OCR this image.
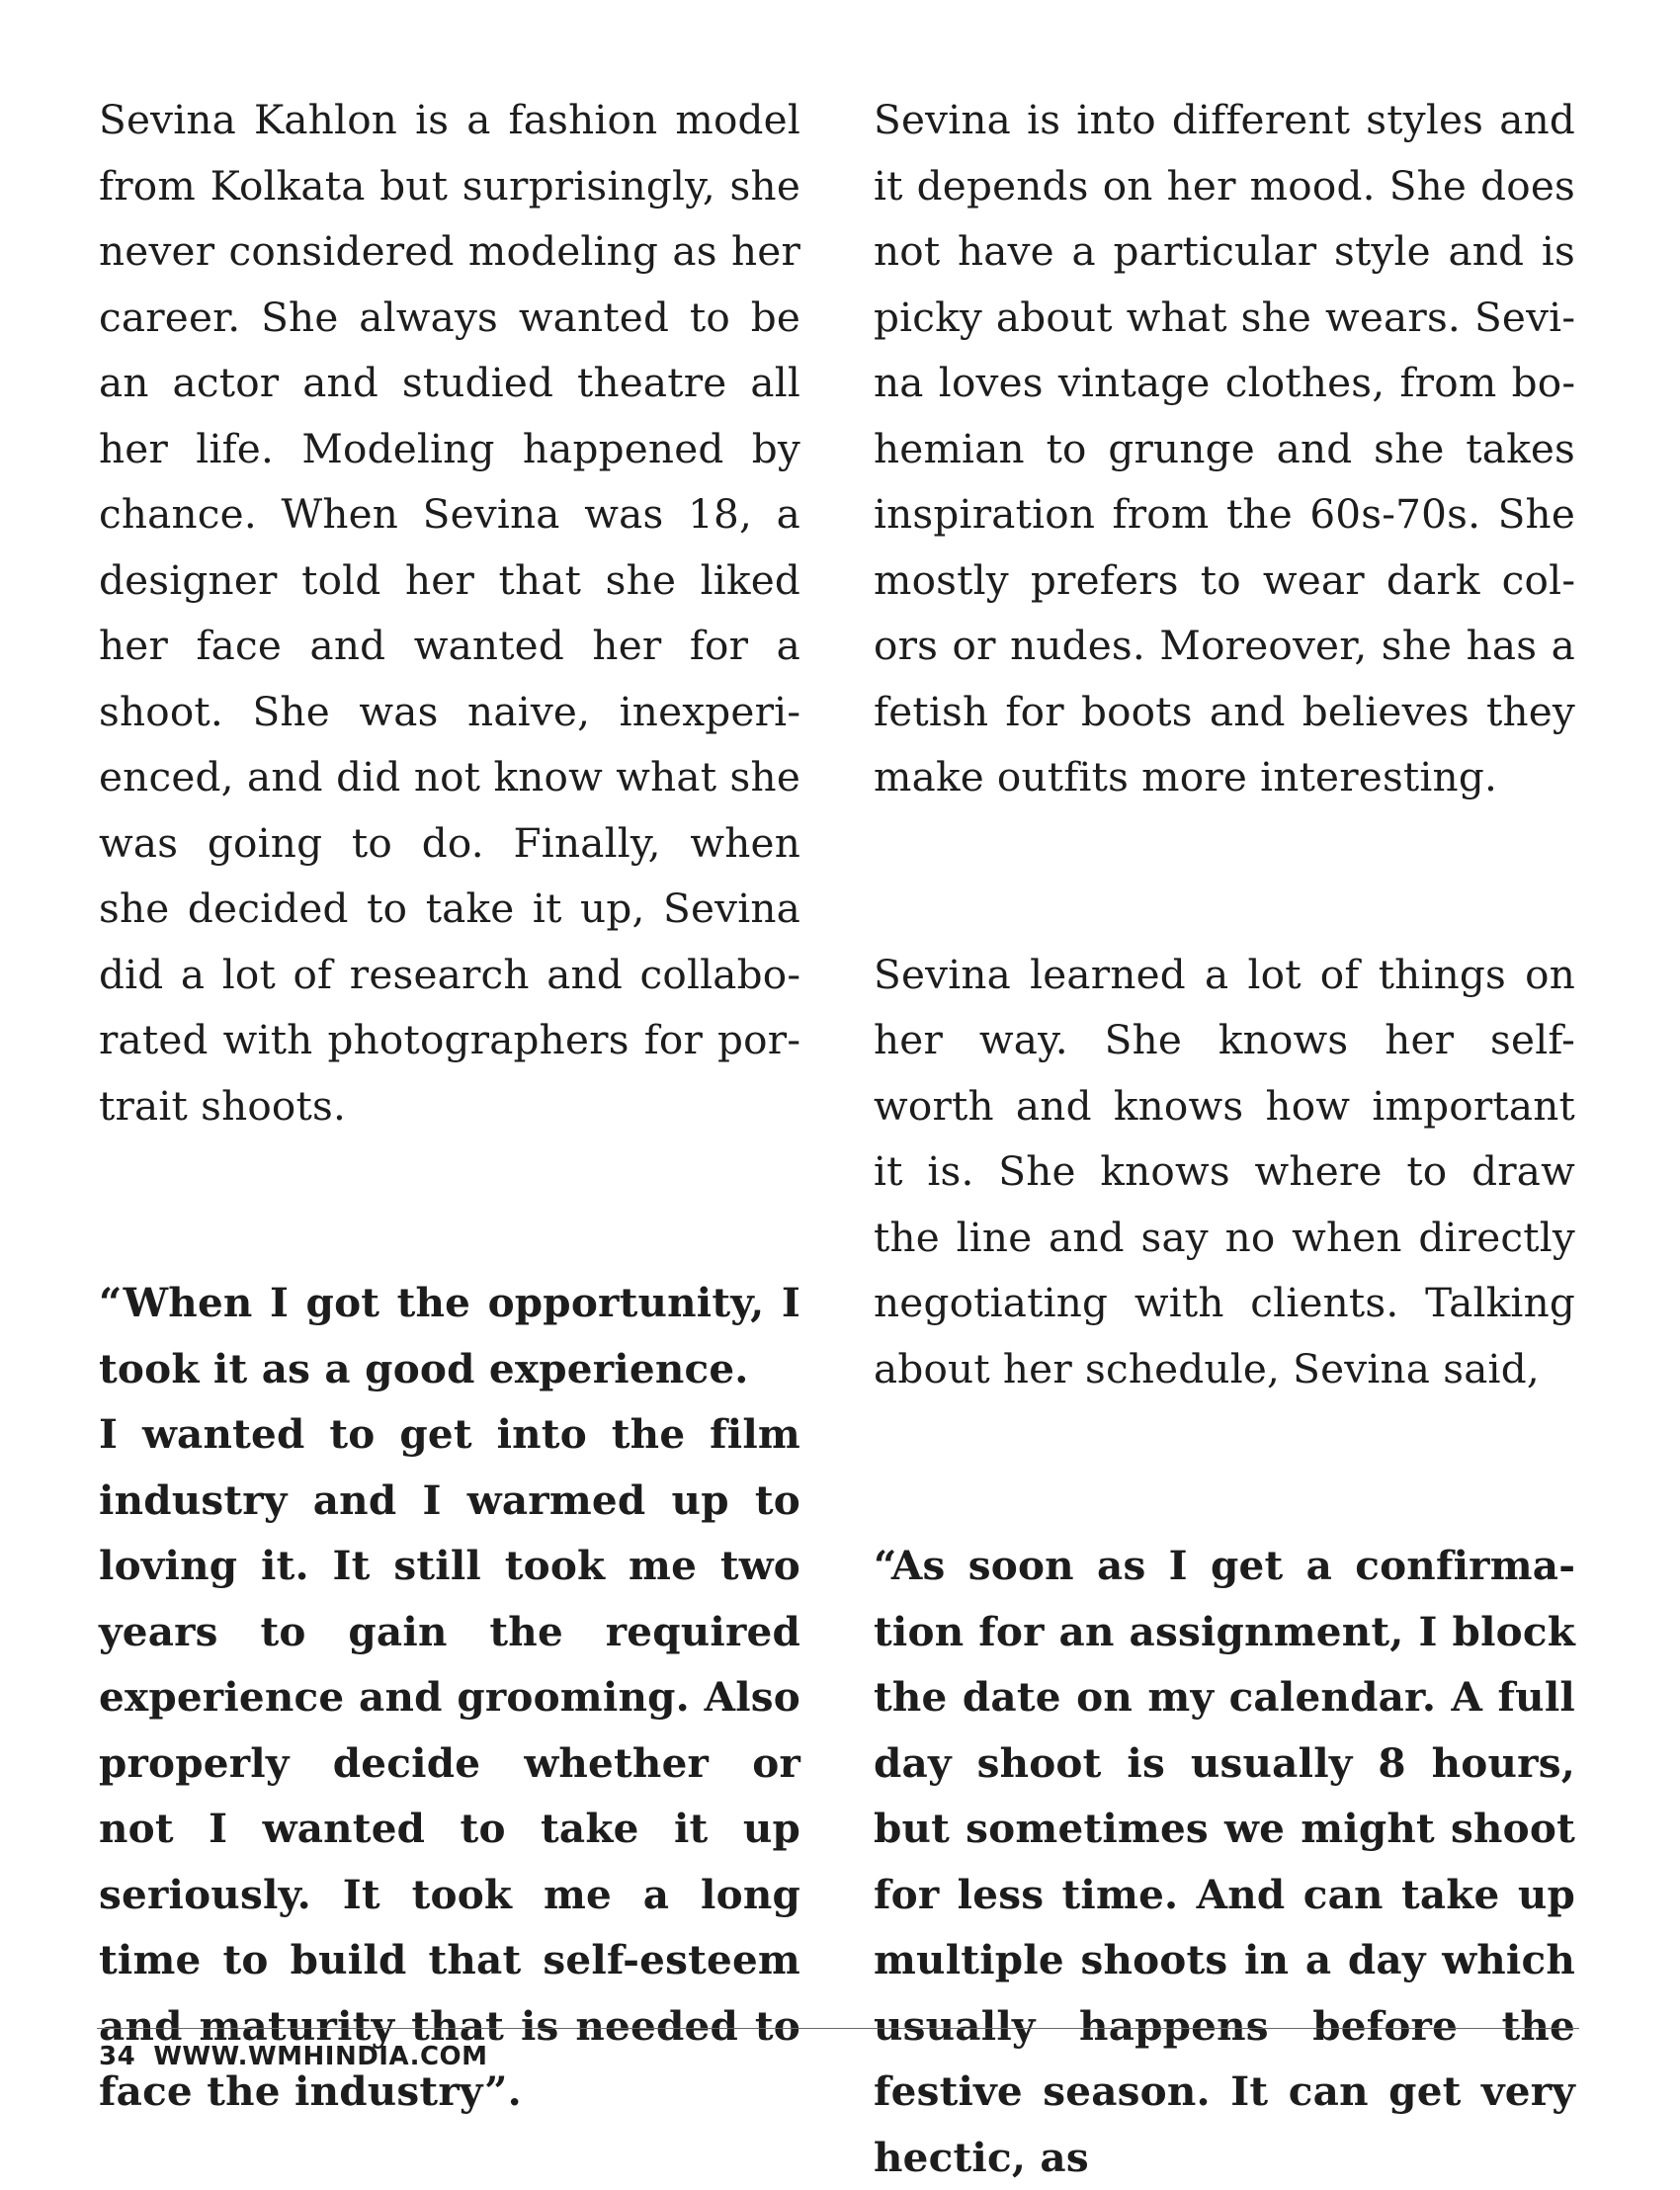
Sevina Kahlon is a fashion model from Kolkata but surprisingly, she never considered modeling as her career. She always wanted to be an actor and studied theatre all her life. Modeling happened by chance. When Sevina was 18, a designer told her that she liked her face and wanted her for a shoot. She was naive, inexperienced, and did not know what she was going to do. Finally, when she decided to take it up, Sevina did a lot of research and collaborated with photographers for portrait shoots.

“When I got the opportunity, I took it as a good experience.

I wanted to get into the film industry and I warmed up to loving it. It still took me two years to gain the required experience and grooming. Also properly decide whether or not I wanted to take it up seriously. It took me a long time to build that self-esteem and maturity that is needed to face the industry”.

Sevina is into different styles and it depends on her mood. She does not have a particular style and is picky about what she wears. Sevina loves vintage clothes, from bohemian to grunge and she takes inspiration from the 60s-70s. She mostly prefers to wear dark colors or nudes. Moreover, she has a fetish for boots and believes they make outfits more interesting.

Sevina learned a lot of things on her way. She knows her self-worth and knows how important it is. She knows where to draw the line and say no when directly negotiating with clients. Talking about her schedule, Sevina said,

“As soon as I get a confirmation for an assignment, I block the date on my calendar. A full day shoot is usually 8 hours, but sometimes we might shoot for less time. And can take up multiple shoots in a day which usually happens before the festive season. It can get very hectic, as

34 WWW.WMHINDIA.COM
